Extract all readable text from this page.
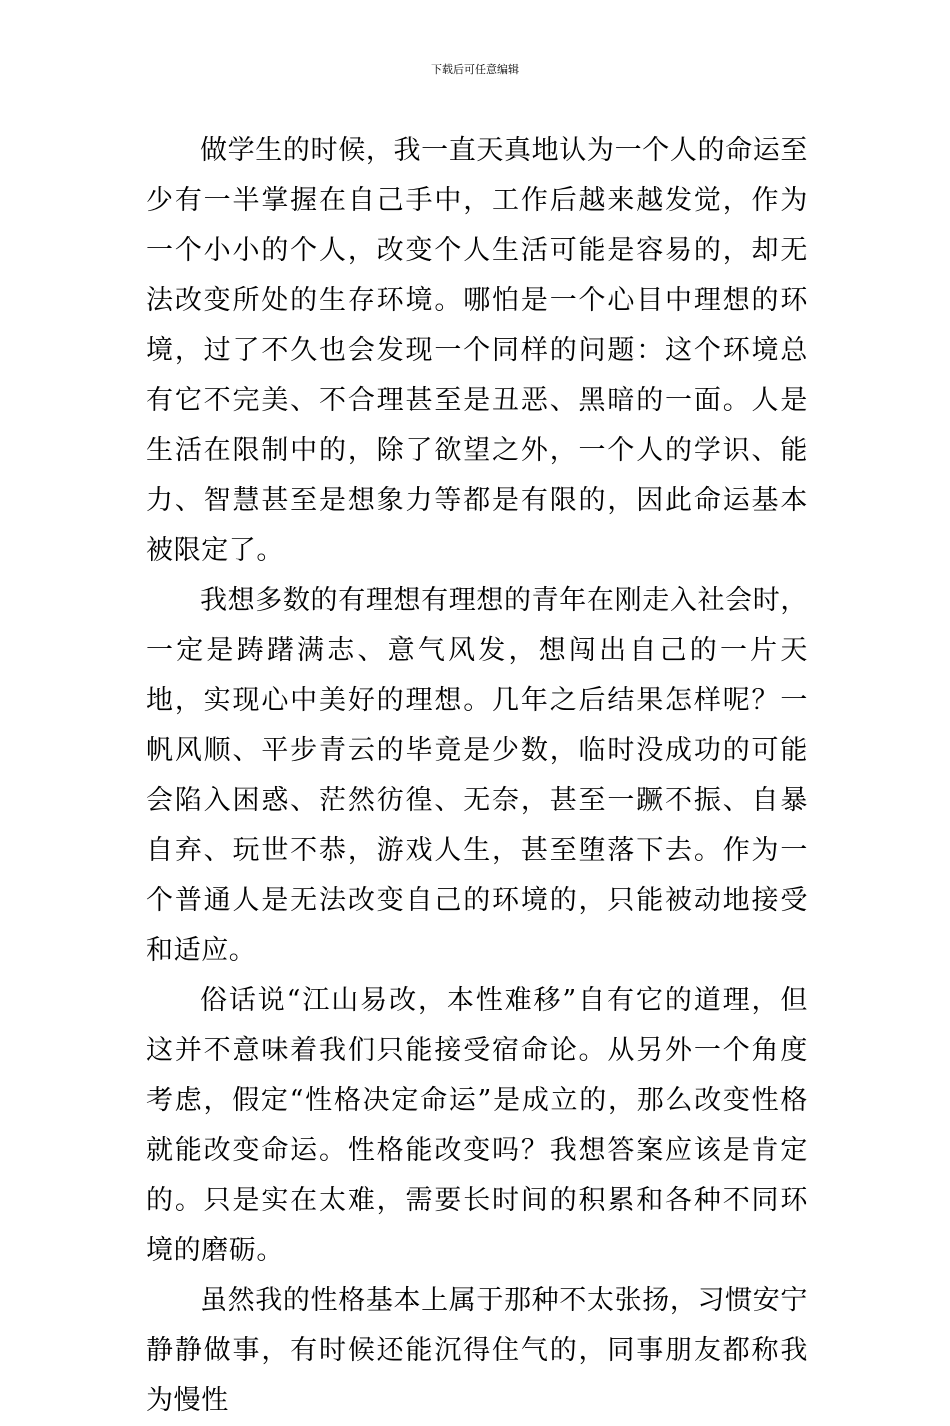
下载后可任意编辑

做学生的时候，我一直天真地认为一个人的命运至少有一半掌握在自己手中，工作后越来越发觉，作为一个小小的个人，改变个人生活可能是容易的，却无法改变所处的生存环境。哪怕是一个心目中理想的环境，过了不久也会发现一个同样的问题：这个环境总有它不完美、不合理甚至是丑恶、黑暗的一面。人是生活在限制中的，除了欲望之外，一个人的学识、能力、智慧甚至是想象力等都是有限的，因此命运基本被限定了。

我想多数的有理想有理想的青年在刚走入社会时，一定是踌躇满志、意气风发，想闯出自己的一片天地，实现心中美好的理想。几年之后结果怎样呢？一帆风顺、平步青云的毕竟是少数，临时没成功的可能会陷入困惑、茫然彷徨、无奈，甚至一蹶不振、自暴自弃、玩世不恭，游戏人生，甚至堕落下去。作为一个普通人是无法改变自己的环境的，只能被动地接受和适应。

俗话说“江山易改，本性难移”自有它的道理，但这并不意味着我们只能接受宿命论。从另外一个角度考虑，假定“性格决定命运”是成立的，那么改变性格就能改变命运。性格能改变吗？我想答案应该是肯定的。只是实在太难，需要长时间的积累和各种不同环境的磨砺。

虽然我的性格基本上属于那种不太张扬，习惯安宁静静做事，有时候还能沉得住气的，同事朋友都称我为慢性
